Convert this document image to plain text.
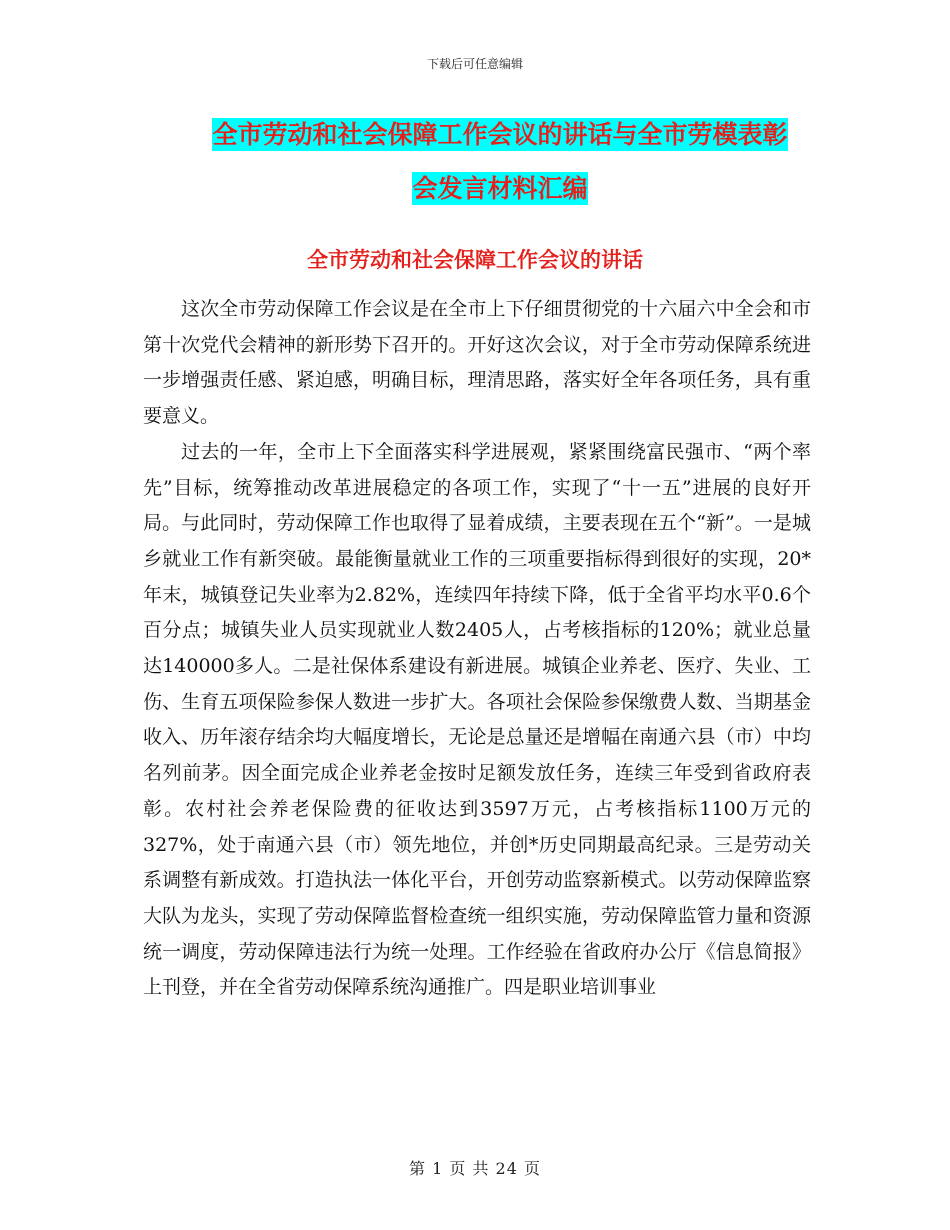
下载后可任意编辑
全市劳动和社会保障工作会议的讲话与全市劳模表彰
会发言材料汇编
全市劳动和社会保障工作会议的讲话

这次全市劳动保障工作会议是在全市上下仔细贯彻党的十六届六中全会和市第十次党代会精神的新形势下召开的。开好这次会议，对于全市劳动保障系统进一步增强责任感、紧迫感，明确目标，理清思路，落实好全年各项任务，具有重要意义。

过去的一年，全市上下全面落实科学进展观，紧紧围绕富民强市、“两个率先”目标，统筹推动改革进展稳定的各项工作，实现了“十一五”进展的良好开局。与此同时，劳动保障工作也取得了显着成绩，主要表现在五个“新”。一是城乡就业工作有新突破。最能衡量就业工作的三项重要指标得到很好的实现，20*年末，城镇登记失业率为2.82%，连续四年持续下降，低于全省平均水平0.6个百分点；城镇失业人员实现就业人数2405人，占考核指标的120%；就业总量达140000多人。二是社保体系建设有新进展。城镇企业养老、医疗、失业、工伤、生育五项保险参保人数进一步扩大。各项社会保险参保缴费人数、当期基金收入、历年滚存结余均大幅度增长，无论是总量还是增幅在南通六县（市）中均名列前茅。因全面完成企业养老金按时足额发放任务，连续三年受到省政府表彰。农村社会养老保险费的征收达到3597万元，占考核指标1100万元的327%，处于南通六县（市）领先地位，并创*历史同期最高纪录。三是劳动关系调整有新成效。打造执法一体化平台，开创劳动监察新模式。以劳动保障监察大队为龙头，实现了劳动保障监督检查统一组织实施，劳动保障监管力量和资源统一调度，劳动保障违法行为统一处理。工作经验在省政府办公厅《信息简报》上刊登，并在全省劳动保障系统沟通推广。四是职业培训事业

第 1 页 共 24 页
